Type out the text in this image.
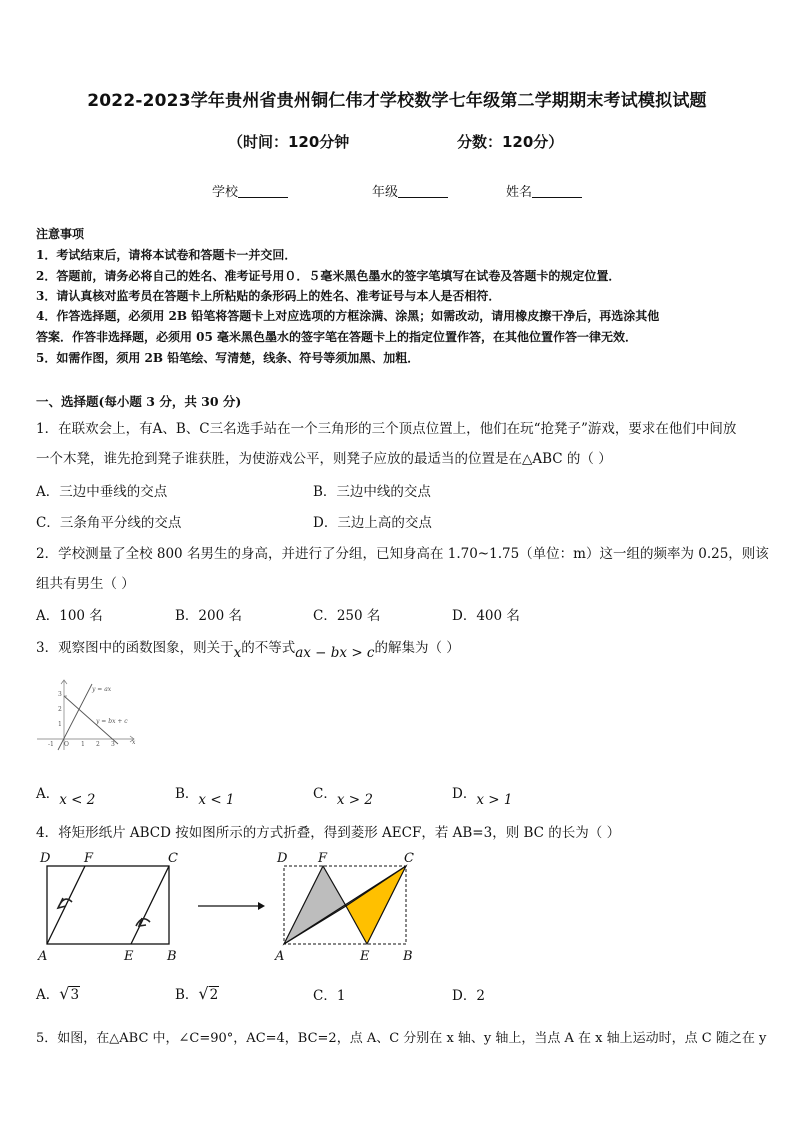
2022-2023学年贵州省贵州铜仁伟才学校数学七年级第二学期期末考试模拟试题
（时间：120分钟	分数：120分）
学校	年级	姓名
注意事项
1．考试结束后，请将本试卷和答题卡一并交回．
2．答题前，请务必将自己的姓名、准考证号用０．５毫米黑色墨水的签字笔填写在试卷及答题卡的规定位置．
3．请认真核对监考员在答题卡上所粘贴的条形码上的姓名、准考证号与本人是否相符．
4．作答选择题，必须用 2B 铅笔将答题卡上对应选项的方框涂满、涂黑；如需改动，请用橡皮擦干净后，再选涂其他
答案．作答非选择题，必须用 05 毫米黑色墨水的签字笔在答题卡上的指定位置作答，在其他位置作答一律无效．
5．如需作图，须用 2B 铅笔绘、写清楚，线条、符号等须加黑、加粗．
一、选择题(每小题 3 分，共 30 分)
1．在联欢会上，有A、B、C三名选手站在一个三角形的三个顶点位置上，他们在玩“抢凳子”游戏，要求在他们中间放
一个木凳，谁先抢到凳子谁获胜，为使游戏公平，则凳子应放的最适当的位置是在△ABC 的（ ）
A．三边中垂线的交点	B．三边中线的交点
C．三条角平分线的交点	D．三边上高的交点
2．学校测量了全校 800 名男生的身高，并进行了分组，已知身高在 1.70~1.75（单位：m）这一组的频率为 0.25，则该
组共有男生（ ）
A．100 名	B．200 名	C．250 名	D．400 名
3．观察图中的函数图象，则关于x的不等式ax − bx > c的解集为（ ）
y = ax
y = bx + c
x
3
2
1
-1 O 1 2 3
A．x < 2	B．x < 1	C．x > 2	D．x > 1
4．将矩形纸片 ABCD 按如图所示的方式折叠，得到菱形 AECF，若 AB=3，则 BC 的长为（ ）
D	F	C
A	E	B
D F	C
A	E	B
A．√3	B．√2	C．1	D．2
5．如图，在△ABC 中，∠C=90°，AC=4，BC=2，点 A、C 分别在 x 轴、y 轴上，当点 A 在 x 轴上运动时，点 C 随之在 y
